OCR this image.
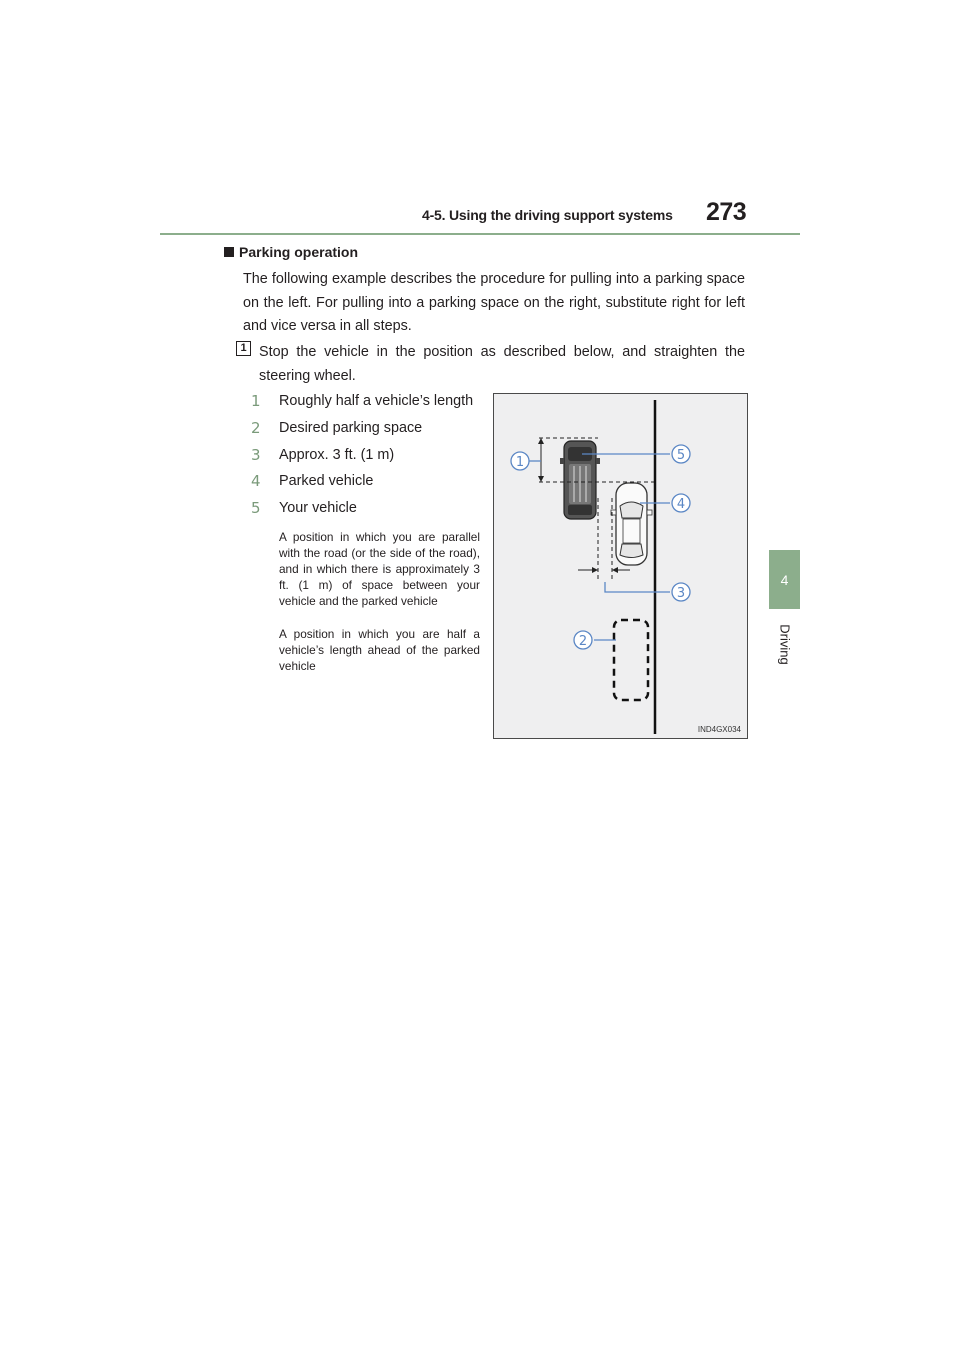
4-5. Using the driving support systems	273
4
Driving
Parking operation
The following example describes the procedure for pulling into a parking space on the left. For pulling into a parking space on the right, substitute right for left and vice versa in all steps.
1 Stop the vehicle in the position as described below, and straighten the steering wheel.
1	Roughly half a vehicle’s length
2	Desired parking space
3	Approx. 3 ft. (1 m)
4	Parked vehicle
5	Your vehicle
A position in which you are parallel with the road (or the side of the road), and in which there is approximately 3 ft. (1 m) of space between your vehicle and the parked vehicle
A position in which you are half a vehicle’s length ahead of the parked vehicle
1	5
4
3
2
IND4GX034
